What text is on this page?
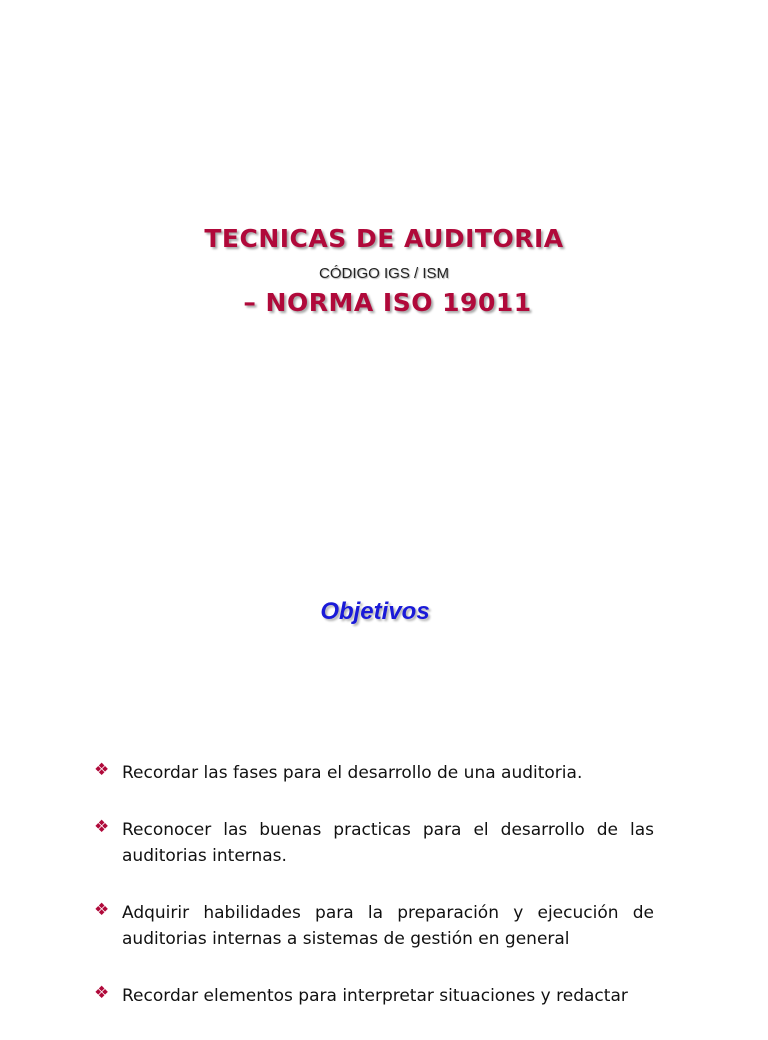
TECNICAS DE AUDITORIA
CÓDIGO IGS / ISM
– NORMA ISO 19011
Objetivos
❖ Recordar las fases para el desarrollo de una auditoria.
❖ Reconocer las buenas practicas para el desarrollo de las auditorias internas.
❖ Adquirir habilidades para la preparación y ejecución de auditorias internas a sistemas de gestión en general
❖ Recordar elementos para interpretar situaciones y redactar
